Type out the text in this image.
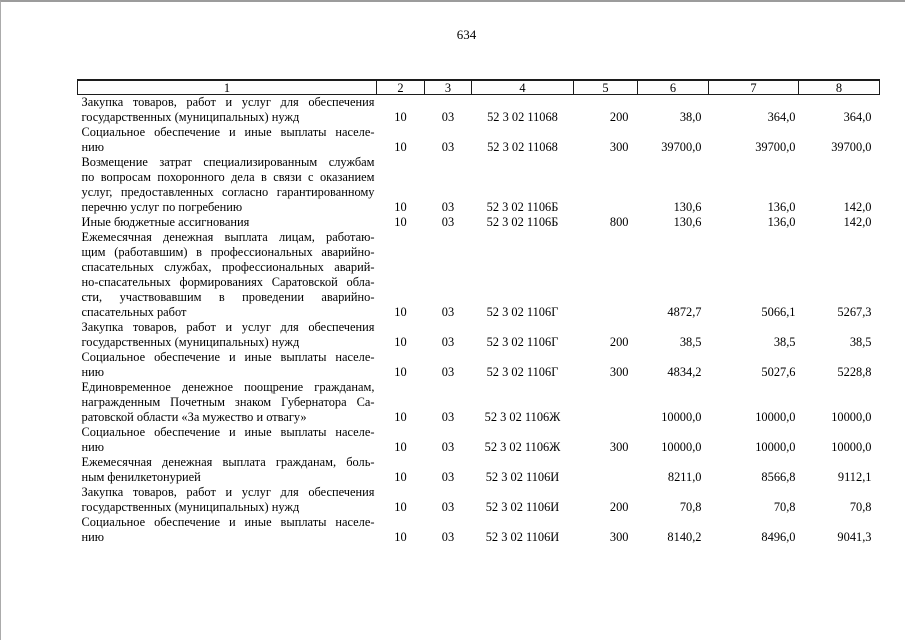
634
1	2	3	4	5	6	7	8

Закупка товаров, работ и услуг для обеспечения
государственных (муниципальных) нужд	10	03	52 3 02 11068	200	38,0	364,0	364,0

Социальное обеспечение и иные выплаты населе-
нию	10	03	52 3 02 11068	300	39700,0	39700,0	39700,0

Возмещение затрат специализированным службам
по вопросам похоронного дела в связи с оказанием
услуг, предоставленных согласно гарантированному
перечню услуг по погребению	10	03	52 3 02 1106Б		130,6	136,0	142,0

Иные бюджетные ассигнования	10	03	52 3 02 1106Б	800	130,6	136,0	142,0

Ежемесячная денежная выплата лицам, работаю-
щим (работавшим) в профессиональных аварийно-
спасательных службах, профессиональных аварий-
но-спасательных формированиях Саратовской обла-
сти, участвовавшим в проведении аварийно-
спасательных работ	10	03	52 3 02 1106Г		4872,7	5066,1	5267,3

Закупка товаров, работ и услуг для обеспечения
государственных (муниципальных) нужд	10	03	52 3 02 1106Г	200	38,5	38,5	38,5

Социальное обеспечение и иные выплаты населе-
нию	10	03	52 3 02 1106Г	300	4834,2	5027,6	5228,8

Единовременное денежное поощрение гражданам,
награжденным Почетным знаком Губернатора Са-
ратовской области «За мужество и отвагу»	10	03	52 3 02 1106Ж		10000,0	10000,0	10000,0

Социальное обеспечение и иные выплаты населе-
нию	10	03	52 3 02 1106Ж	300	10000,0	10000,0	10000,0

Ежемесячная денежная выплата гражданам, боль-
ным фенилкетонурией	10	03	52 3 02 1106И		8211,0	8566,8	9112,1

Закупка товаров, работ и услуг для обеспечения
государственных (муниципальных) нужд	10	03	52 3 02 1106И	200	70,8	70,8	70,8

Социальное обеспечение и иные выплаты населе-
нию	10	03	52 3 02 1106И	300	8140,2	8496,0	9041,3
